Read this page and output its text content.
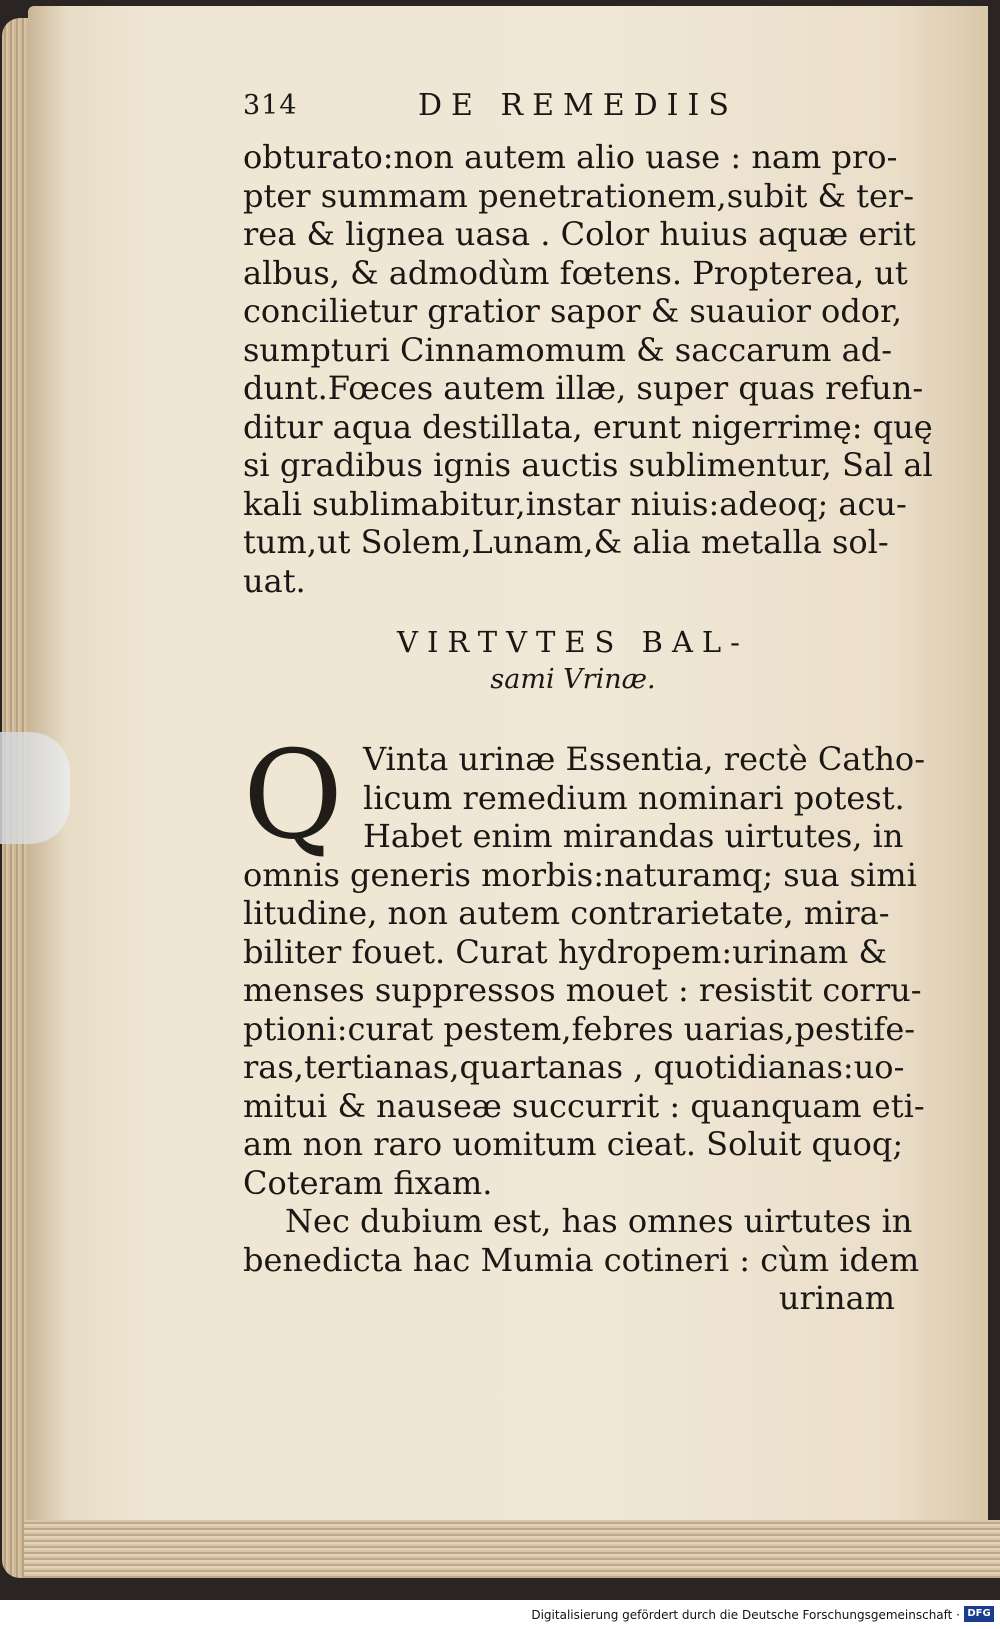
314	DE REMEDIIS
obturato:non autem alio uase : nam pro-
pter summam penetrationem,subit & ter-
rea & lignea uasa . Color huius aquæ erit
albus, & admodùm fœtens. Propterea, ut
concilietur gratior sapor & suauior odor,
sumpturi Cinnamomum & saccarum ad-
dunt.Fœces autem illæ, super quas refun-
ditur aqua destillata, erunt nigerrimę: quę
si gradibus ignis auctis sublimentur, Sal al
kali sublimabitur,instar niuis:adeoq; acu-
tum,ut Solem,Lunam,& alia metalla sol-
uat.
VIRTVTES BAL-
sami Vrinæ.
Q Vinta urinæ Essentia, rectè Catho-
licum remedium nominari potest.
Habet enim mirandas uirtutes, in
omnis generis morbis:naturamq; sua simi
litudine, non autem contrarietate, mira-
biliter fouet. Curat hydropem:urinam &
menses suppressos mouet : resistit corru-
ptioni:curat pestem,febres uarias,pestife-
ras,tertianas,quartanas , quotidianas:uo-
mitui & nauseæ succurrit : quanquam eti-
am non raro uomitum cieat. Soluit quoq;
Coteram fixam.
Nec dubium est, has omnes uirtutes in
benedicta hac Mumia cotineri : cùm idem
urinam
Digitalisierung gefördert durch die Deutsche Forschungsgemeinschaft · DFG
